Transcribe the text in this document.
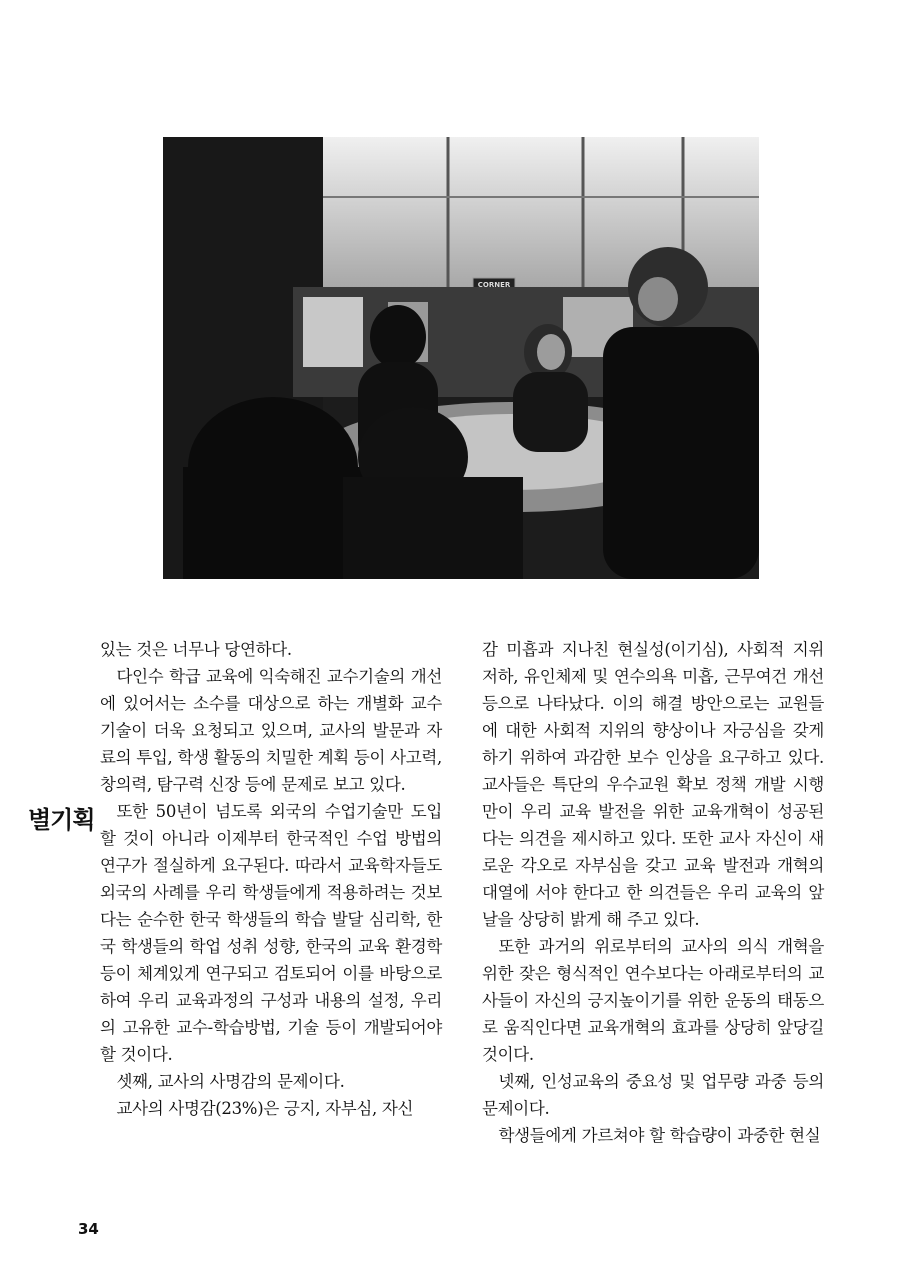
CORNER
별기획

있는 것은 너무나 당연하다.

다인수 학급 교육에 익숙해진 교수기술의 개선에 있어서는 소수를 대상으로 하는 개별화 교수기술이 더욱 요청되고 있으며, 교사의 발문과 자료의 투입, 학생 활동의 치밀한 계획 등이 사고력, 창의력, 탐구력 신장 등에 문제로 보고 있다.

또한 50년이 넘도록 외국의 수업기술만 도입할 것이 아니라 이제부터 한국적인 수업 방법의 연구가 절실하게 요구된다. 따라서 교육학자들도 외국의 사례를 우리 학생들에게 적용하려는 것보다는 순수한 한국 학생들의 학습 발달 심리학, 한국 학생들의 학업 성취 성향, 한국의 교육 환경학 등이 체계있게 연구되고 검토되어 이를 바탕으로 하여 우리 교육과정의 구성과 내용의 설정, 우리의 고유한 교수-학습방법, 기술 등이 개발되어야 할 것이다.

셋째, 교사의 사명감의 문제이다.

교사의 사명감(23%)은 긍지, 자부심, 자신

감 미흡과 지나친 현실성(이기심), 사회적 지위 저하, 유인체제 및 연수의욕 미흡, 근무여건 개선 등으로 나타났다. 이의 해결 방안으로는 교원들에 대한 사회적 지위의 향상이나 자긍심을 갖게 하기 위하여 과감한 보수 인상을 요구하고 있다. 교사들은 특단의 우수교원 확보 정책 개발 시행만이 우리 교육 발전을 위한 교육개혁이 성공된다는 의견을 제시하고 있다. 또한 교사 자신이 새로운 각오로 자부심을 갖고 교육 발전과 개혁의 대열에 서야 한다고 한 의견들은 우리 교육의 앞날을 상당히 밝게 해 주고 있다.

또한 과거의 위로부터의 교사의 의식 개혁을 위한 잦은 형식적인 연수보다는 아래로부터의 교사들이 자신의 긍지높이기를 위한 운동의 태동으로 움직인다면 교육개혁의 효과를 상당히 앞당길 것이다.

넷째, 인성교육의 중요성 및 업무량 과중 등의 문제이다.

학생들에게 가르쳐야 할 학습량이 과중한 현실

34
